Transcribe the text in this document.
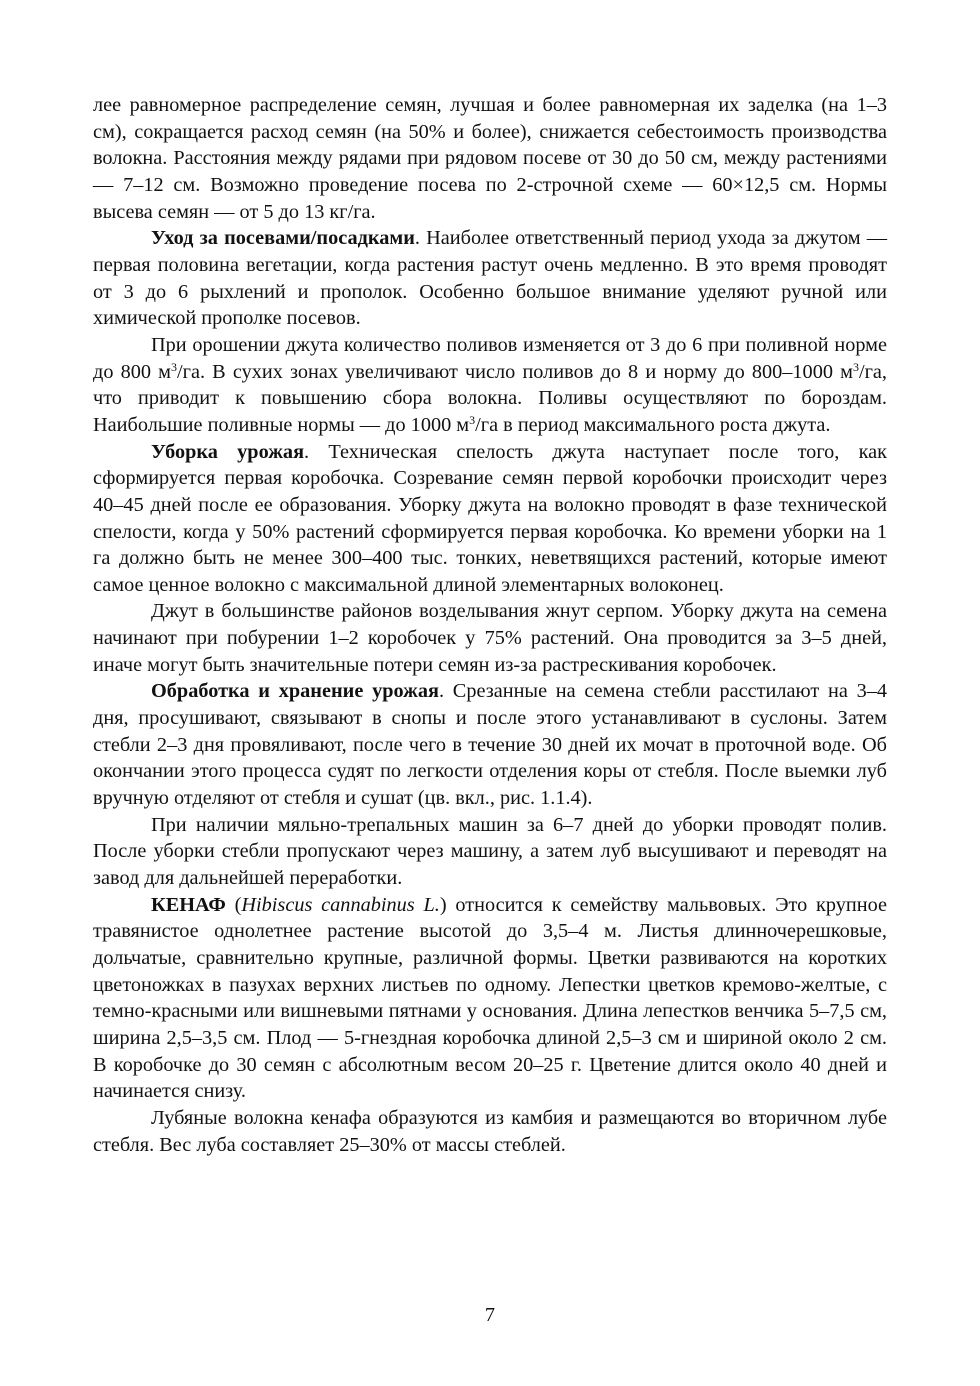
лее равномерное распределение семян, лучшая и более равномерная их заделка (на 1–3 см), сокращается расход семян (на 50% и более), снижается себестоимость производства волокна. Расстояния между рядами при рядовом посеве от 30 до 50 см, между растениями — 7–12 см. Возможно проведение посева по 2-строчной схеме — 60×12,5 см. Нормы высева семян — от 5 до 13 кг/га.

Уход за посевами/посадками. Наиболее ответственный период ухода за джутом — первая половина вегетации, когда растения растут очень медленно. В это время проводят от 3 до 6 рыхлений и прополок. Особенно большое внимание уделяют ручной или химической прополке посевов.

При орошении джута количество поливов изменяется от 3 до 6 при поливной норме до 800 $м^3/га$. В сухих зонах увеличивают число поливов до 8 и норму до 800–1000 $м^3/га$, что приводит к повышению сбора волокна. Поливы осуществляют по бороздам. Наибольшие поливные нормы — до 1000 $м^3/га$ в период максимального роста джута.

Уборка урожая. Техническая спелость джута наступает после того, как сформируется первая коробочка. Созревание семян первой коробочки происходит через 40–45 дней после ее образования. Уборку джута на волокно проводят в фазе технической спелости, когда у 50% растений сформируется первая коробочка. Ко времени уборки на 1 га должно быть не менее 300–400 тыс. тонких, неветвящихся растений, которые имеют самое ценное волокно с максимальной длиной элементарных волоконец.

Джут в большинстве районов возделывания жнут серпом. Уборку джута на семена начинают при побурении 1–2 коробочек у 75% растений. Она проводится за 3–5 дней, иначе могут быть значительные потери семян из-за растрескивания коробочек.

Обработка и хранение урожая. Срезанные на семена стебли расстилают на 3–4 дня, просушивают, связывают в снопы и после этого устанавливают в суслоны. Затем стебли 2–3 дня провяливают, после чего в течение 30 дней их мочат в проточной воде. Об окончании этого процесса судят по легкости отделения коры от стебля. После выемки луб вручную отделяют от стебля и сушат (цв. вкл., рис. 1.1.4).

При наличии мяльно-трепальных машин за 6–7 дней до уборки проводят полив. После уборки стебли пропускают через машину, а затем луб высушивают и переводят на завод для дальнейшей переработки.

КЕНАФ (Hibiscus cannabinus L.) относится к семейству мальвовых. Это крупное травянистое однолетнее растение высотой до 3,5–4 м. Листья длинночерешковые, дольчатые, сравнительно крупные, различной формы. Цветки развиваются на коротких цветоножках в пазухах верхних листьев по одному. Лепестки цветков кремово-желтые, с темно-красными или вишневыми пятнами у основания. Длина лепестков венчика 5–7,5 см, ширина 2,5–3,5 см. Плод — 5-гнездная коробочка длиной 2,5–3 см и шириной около 2 см. В коробочке до 30 семян с абсолютным весом 20–25 г. Цветение длится около 40 дней и начинается снизу.

Лубяные волокна кенафа образуются из камбия и размещаются во вторичном лубе стебля. Вес луба составляет 25–30% от массы стеблей.

7
